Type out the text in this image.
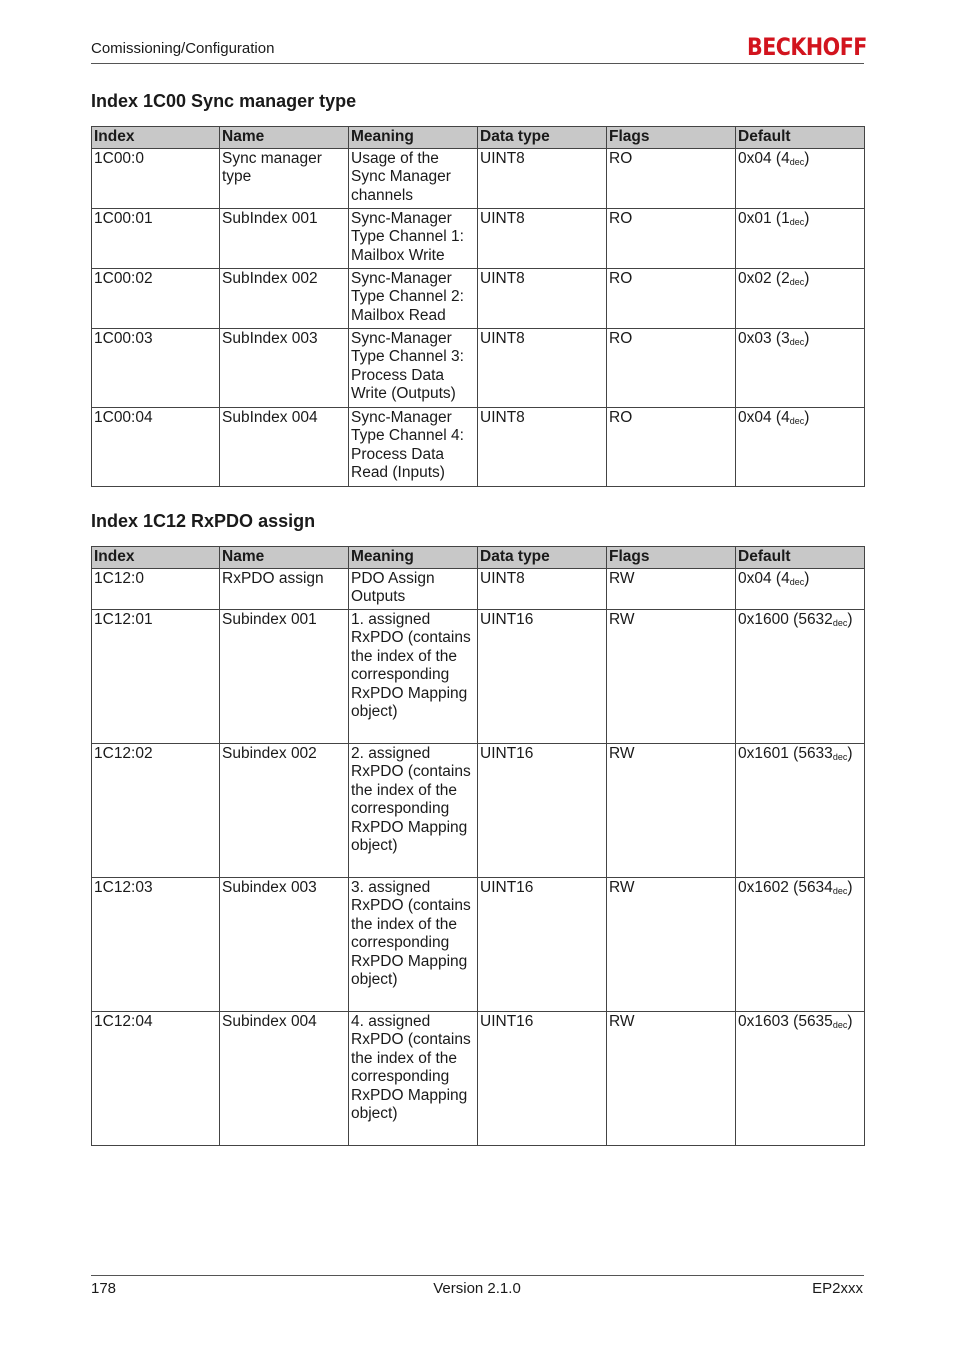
Comissioning/Configuration	BECKHOFF
Index 1C00 Sync manager type
Index	Name	Meaning	Data type	Flags	Default
1C00:0	Sync manager type	Usage of the Sync Manager channels	UINT8	RO	0x04 $(4_{dec})$
1C00:01	SubIndex 001	Sync-Manager Type Channel 1: Mailbox Write	UINT8	RO	0x01 $(1_{dec})$
1C00:02	SubIndex 002	Sync-Manager Type Channel 2: Mailbox Read	UINT8	RO	0x02 $(2_{dec})$
1C00:03	SubIndex 003	Sync-Manager Type Channel 3: Process Data Write (Outputs)	UINT8	RO	0x03 $(3_{dec})$
1C00:04	SubIndex 004	Sync-Manager Type Channel 4: Process Data Read (Inputs)	UINT8	RO	0x04 $(4_{dec})$
Index 1C12 RxPDO assign
Index	Name	Meaning	Data type	Flags	Default
1C12:0	RxPDO assign	PDO Assign Outputs	UINT8	RW	0x04 $(4_{dec})$
1C12:01	Subindex 001	1. assigned RxPDO (contains the index of the corresponding RxPDO Mapping object)	UINT16	RW	0x1600 $(5632_{dec})$
1C12:02	Subindex 002	2. assigned RxPDO (contains the index of the corresponding RxPDO Mapping object)	UINT16	RW	0x1601 $(5633_{dec})$
1C12:03	Subindex 003	3. assigned RxPDO (contains the index of the corresponding RxPDO Mapping object)	UINT16	RW	0x1602 $(5634_{dec})$
1C12:04	Subindex 004	4. assigned RxPDO (contains the index of the corresponding RxPDO Mapping object)	UINT16	RW	0x1603 $(5635_{dec})$
178	Version 2.1.0	EP2xxx
